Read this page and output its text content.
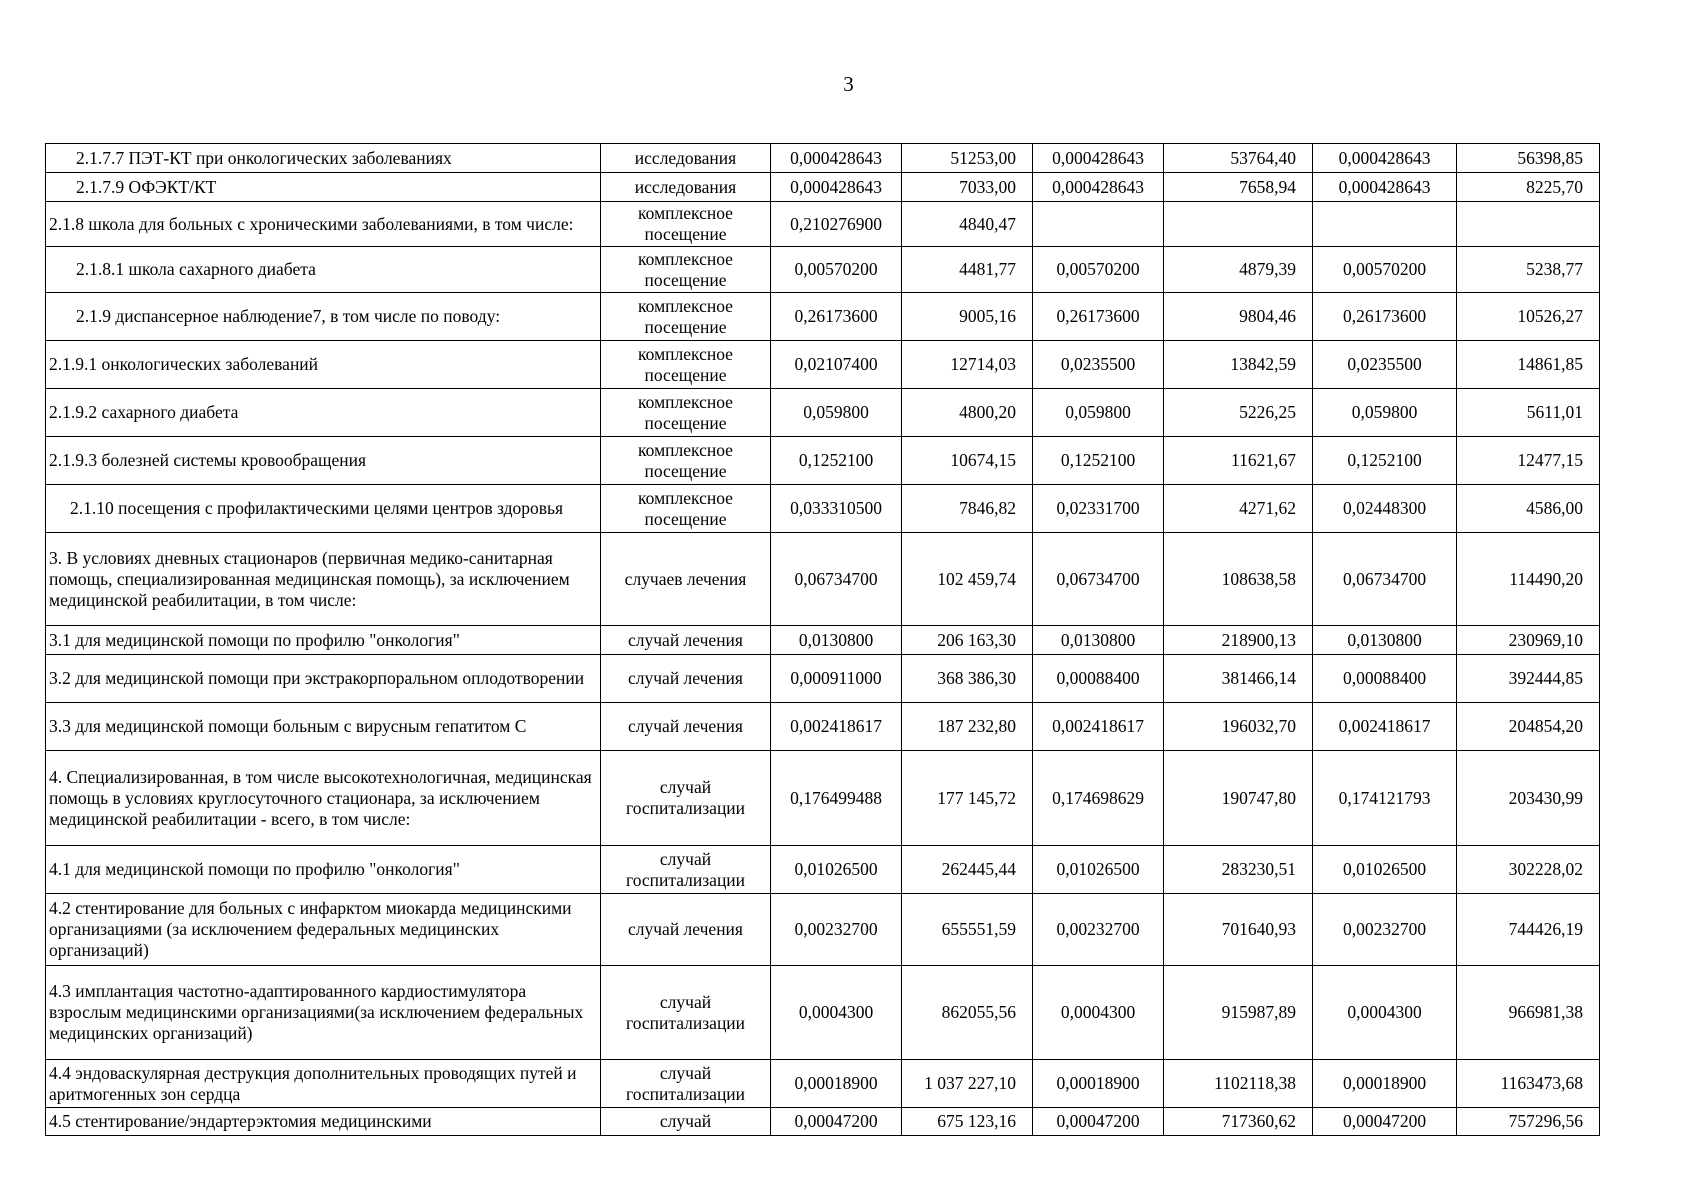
3
2.1.7.7 ПЭТ-КТ при онкологических заболеваниях	исследования	0,000428643	51253,00	0,000428643	53764,40	0,000428643	56398,85
2.1.7.9 ОФЭКТ/КТ	исследования	0,000428643	7033,00	0,000428643	7658,94	0,000428643	8225,70
2.1.8 школа для больных с хроническими заболеваниями, в том числе:	комплексное посещение	0,210276900	4840,47				
2.1.8.1 школа сахарного диабета	комплексное посещение	0,00570200	4481,77	0,00570200	4879,39	0,00570200	5238,77
2.1.9 диспансерное наблюдение7, в том числе по поводу:	комплексное посещение	0,26173600	9005,16	0,26173600	9804,46	0,26173600	10526,27
2.1.9.1 онкологических заболеваний	комплексное посещение	0,02107400	12714,03	0,0235500	13842,59	0,0235500	14861,85
2.1.9.2 сахарного диабета	комплексное посещение	0,059800	4800,20	0,059800	5226,25	0,059800	5611,01
2.1.9.3 болезней системы кровообращения	комплексное посещение	0,1252100	10674,15	0,1252100	11621,67	0,1252100	12477,15
2.1.10 посещения с профилактическими целями центров здоровья	комплексное посещение	0,033310500	7846,82	0,02331700	4271,62	0,02448300	4586,00
3. В условиях дневных стационаров (первичная медико-санитарная помощь, специализированная медицинская помощь), за исключением медицинской реабилитации, в том числе:	случаев лечения	0,06734700	102 459,74	0,06734700	108638,58	0,06734700	114490,20
3.1 для медицинской помощи по профилю "онкология"	случай лечения	0,0130800	206 163,30	0,0130800	218900,13	0,0130800	230969,10
3.2 для медицинской помощи при экстракорпоральном оплодотворении	случай лечения	0,000911000	368 386,30	0,00088400	381466,14	0,00088400	392444,85
3.3 для медицинской помощи больным с вирусным гепатитом С	случай лечения	0,002418617	187 232,80	0,002418617	196032,70	0,002418617	204854,20
4. Специализированная, в том числе высокотехнологичная, медицинская помощь в условиях круглосуточного стационара, за исключением медицинской реабилитации - всего, в том числе:	случай госпитализации	0,176499488	177 145,72	0,174698629	190747,80	0,174121793	203430,99
4.1 для медицинской помощи по профилю "онкология"	случай госпитализации	0,01026500	262445,44	0,01026500	283230,51	0,01026500	302228,02
4.2 стентирование для больных с инфарктом миокарда медицинскими организациями (за исключением федеральных медицинских организаций)	случай лечения	0,00232700	655551,59	0,00232700	701640,93	0,00232700	744426,19
4.3 имплантация частотно-адаптированного кардиостимулятора взрослым медицинскими организациями(за исключением федеральных медицинских организаций)	случай госпитализации	0,0004300	862055,56	0,0004300	915987,89	0,0004300	966981,38
4.4 эндоваскулярная деструкция дополнительных проводящих путей и аритмогенных зон сердца	случай госпитализации	0,00018900	1 037 227,10	0,00018900	1102118,38	0,00018900	1163473,68
4.5 стентирование/эндартерэктомия медицинскими	случай	0,00047200	675 123,16	0,00047200	717360,62	0,00047200	757296,56
